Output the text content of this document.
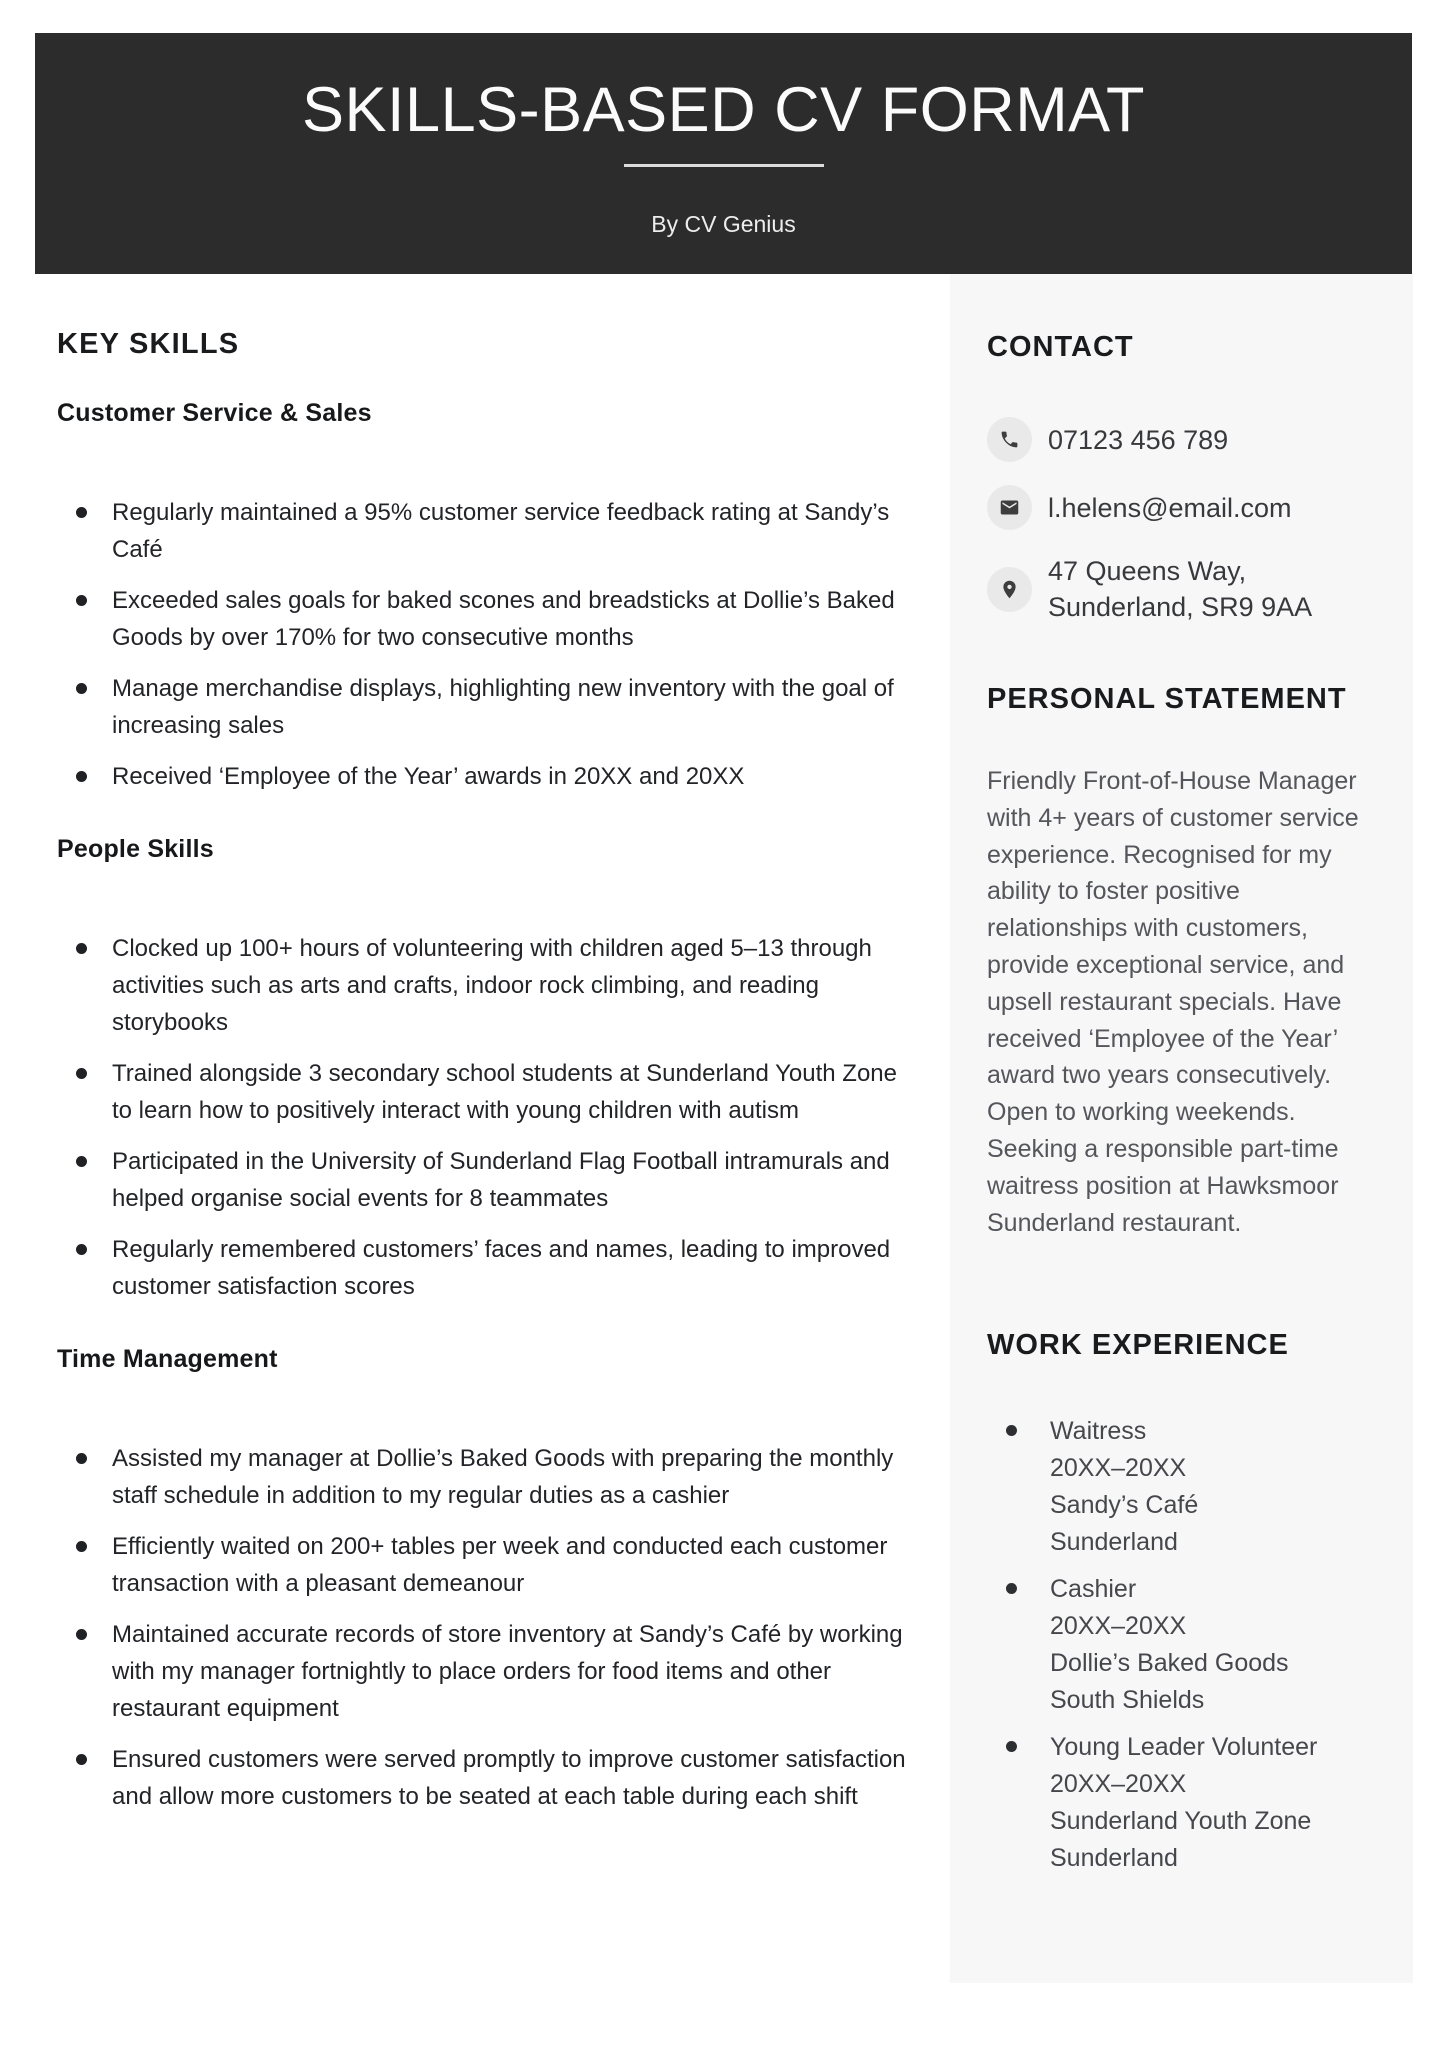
SKILLS-BASED CV FORMAT
By CV Genius
KEY SKILLS
Customer Service & Sales
Regularly maintained a 95% customer service feedback rating at Sandy’s Café
Exceeded sales goals for baked scones and breadsticks at Dollie’s Baked Goods by over 170% for two consecutive months
Manage merchandise displays, highlighting new inventory with the goal of increasing sales
Received ‘Employee of the Year’ awards in 20XX and 20XX
People Skills
Clocked up 100+ hours of volunteering with children aged 5–13 through activities such as arts and crafts, indoor rock climbing, and reading storybooks
Trained alongside 3 secondary school students at Sunderland Youth Zone to learn how to positively interact with young children with autism
Participated in the University of Sunderland Flag Football intramurals and helped organise social events for 8 teammates
Regularly remembered customers’ faces and names, leading to improved customer satisfaction scores
Time Management
Assisted my manager at Dollie’s Baked Goods with preparing the monthly staff schedule in addition to my regular duties as a cashier
Efficiently waited on 200+ tables per week and conducted each customer transaction with a pleasant demeanour
Maintained accurate records of store inventory at Sandy’s Café by working with my manager fortnightly to place orders for food items and other restaurant equipment
Ensured customers were served promptly to improve customer satisfaction and allow more customers to be seated at each table during each shift
CONTACT
07123 456 789
l.helens@email.com
47 Queens Way,
Sunderland, SR9 9AA
PERSONAL STATEMENT

Friendly Front-of-House Manager with 4+ years of customer service experience. Recognised for my ability to foster positive relationships with customers, provide exceptional service, and upsell restaurant specials. Have received ‘Employee of the Year’ award two years consecutively. Open to working weekends. Seeking a responsible part-time waitress position at Hawksmoor Sunderland restaurant.

WORK EXPERIENCE
Waitress
20XX–20XX
Sandy’s Café
Sunderland
Cashier
20XX–20XX
Dollie’s Baked Goods
South Shields
Young Leader Volunteer
20XX–20XX
Sunderland Youth Zone
Sunderland
